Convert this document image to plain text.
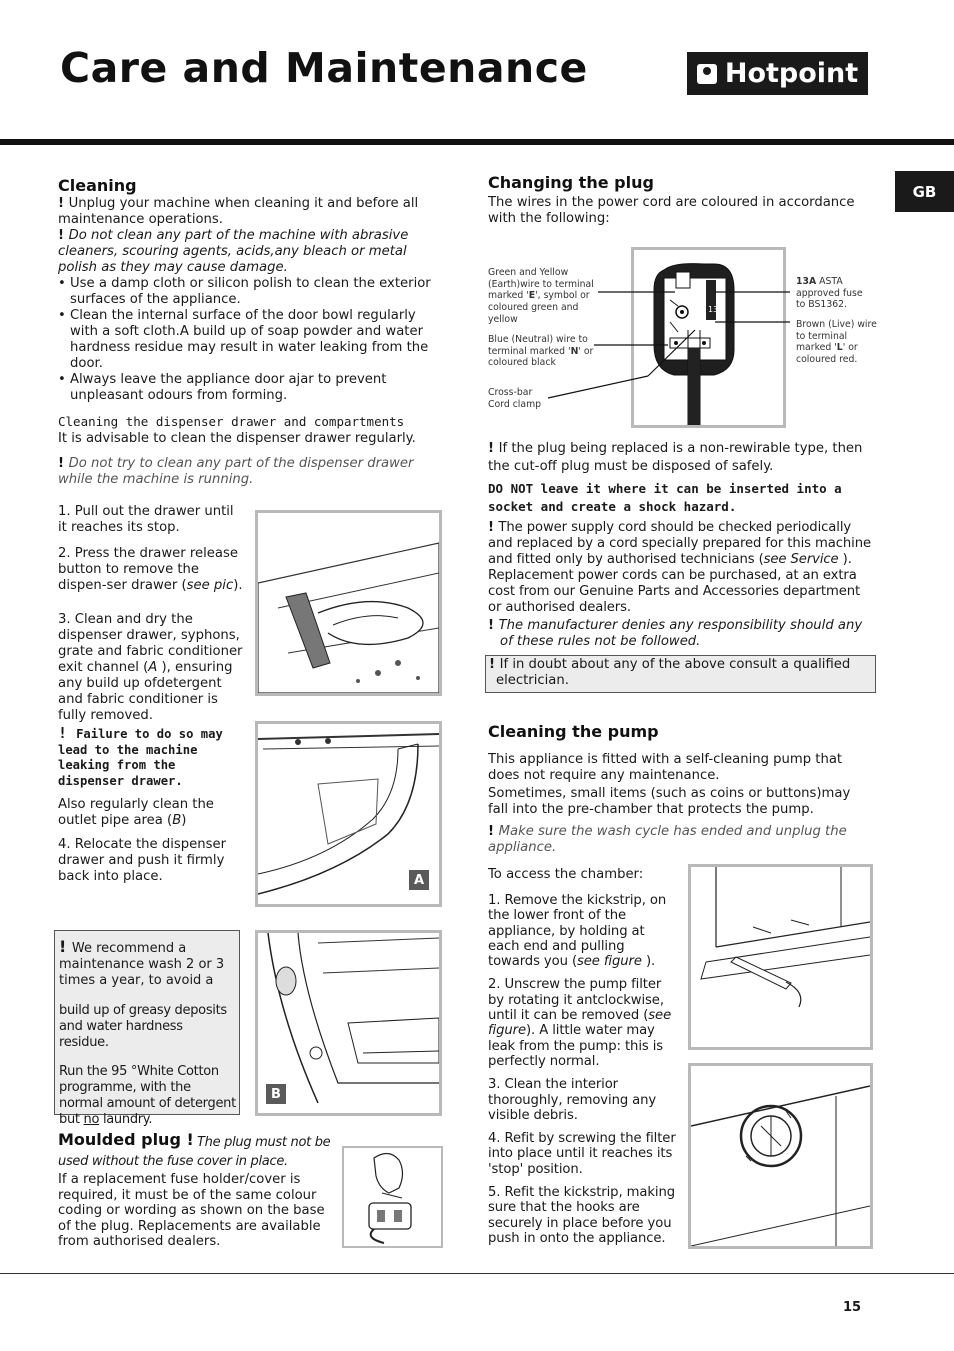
Care and Maintenance	Hotpoint
GB
Cleaning
! Unplug your machine when cleaning it and before all maintenance operations.
! Do not clean any part of the machine with abrasive cleaners, scouring agents, acids,any bleach or metal polish as they may cause damage.
• Use a damp cloth or silicon polish to clean the exterior surfaces of the appliance.
• Clean the internal surface of the door bowl regularly with a soft cloth.A build up of soap powder and water hardness residue may result in water leaking from the door.
• Always leave the appliance door ajar to prevent unpleasant odours from forming.
Cleaning the dispenser drawer and compartments
It is advisable to clean the dispenser drawer regularly.
! Do not try to clean any part of the dispenser drawer while the machine is running.
1. Pull out the drawer until it reaches its stop.
2. Press the drawer release button to remove the dispen-ser drawer (see pic).
3. Clean and dry the dispenser drawer, syphons, grate and fabric conditioner exit channel (A ), ensuring any build up ofdetergent and fabric conditioner is fully removed.
! Failure to do so may lead to the machine leaking from the dispenser drawer.
Also regularly clean the outlet pipe area (B)
4. Relocate the dispenser drawer and push it firmly back into place.	A
B
! We recommend a maintenance wash 2 or 3 times a year, to avoid a
build up of greasy deposits and water hardness residue.
Run the 95 °White Cotton programme, with the normal amount of detergent but no laundry.
Moulded plug ! The plug must not be used without the fuse cover in place.
If a replacement fuse holder/cover is required, it must be of the same colour coding or wording as shown on the base of the plug. Replacements are available from authorised dealers.
Changing the plug
The wires in the power cord are coloured in accordance with the following:
13
Green and Yellow (Earth)wire to terminal marked 'E', symbol or coloured green and yellow
Blue (Neutral) wire to terminal marked 'N' or coloured black
Cross-bar Cord clamp
13A ASTA approved fuse to BS1362.
Brown (Live) wire to terminal marked 'L' or coloured red.
! If the plug being replaced is a non-rewirable type, then the cut-off plug must be disposed of safely.
DO NOT leave it where it can be inserted into a socket and create a shock hazard.
! The power supply cord should be checked periodically and replaced by a cord specially prepared for this machine and fitted only by authorised technicians (see Service ). Replacement power cords can be purchased, at an extra cost from our Genuine Parts and Accessories department or authorised dealers.
! The manufacturer denies any responsibility should any of these rules not be followed.
! If in doubt about any of the above consult a qualified electrician.
Cleaning the pump
This appliance is fitted with a self-cleaning pump that does not require any maintenance.
Sometimes, small items (such as coins or buttons)may fall into the pre-chamber that protects the pump.
! Make sure the wash cycle has ended and unplug the appliance.
To access the chamber:
1. Remove the kickstrip, on the lower front of the appliance, by holding at each end and pulling towards you (see figure ).
2. Unscrew the pump filter by rotating it antclockwise, until it can be removed (see figure). A little water may leak from the pump: this is perfectly normal.
3. Clean the interior thoroughly, removing any visible debris.
4. Refit by screwing the filter into place until it reaches its 'stop' position.
5. Refit the kickstrip, making sure that the hooks are securely in place before you push in onto the appliance.
15
